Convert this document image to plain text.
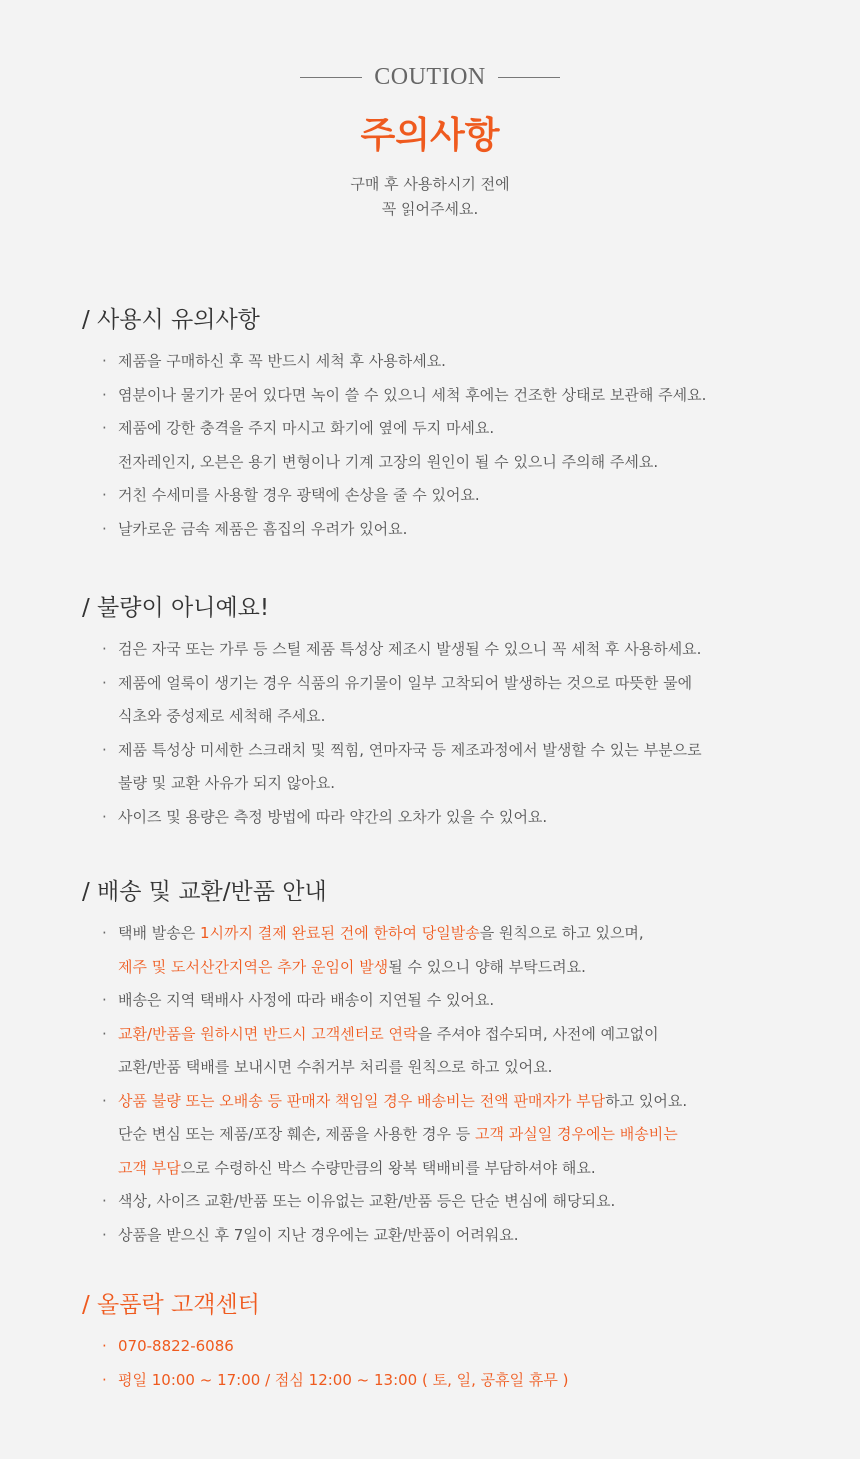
COUTION
주의사항
구매 후 사용하시기 전에
꼭 읽어주세요.
/ 사용시 유의사항
· 제품을 구매하신 후 꼭 반드시 세척 후 사용하세요.
· 염분이나 물기가 묻어 있다면 녹이 쓸 수 있으니 세척 후에는 건조한 상태로 보관해 주세요.
· 제품에 강한 충격을 주지 마시고 화기에 옆에 두지 마세요.
전자레인지, 오븐은 용기 변형이나 기계 고장의 원인이 될 수 있으니 주의해 주세요.
· 거친 수세미를 사용할 경우 광택에 손상을 줄 수 있어요.
· 날카로운 금속 제품은 흠집의 우려가 있어요.
/ 불량이 아니예요!
· 검은 자국 또는 가루 등 스틸 제품 특성상 제조시 발생될 수 있으니 꼭 세척 후 사용하세요.
· 제품에 얼룩이 생기는 경우 식품의 유기물이 일부 고착되어 발생하는 것으로 따뜻한 물에
식초와 중성제로 세척해 주세요.
· 제품 특성상 미세한 스크래치 및 찍힘, 연마자국 등 제조과정에서 발생할 수 있는 부분으로
불량 및 교환 사유가 되지 않아요.
· 사이즈 및 용량은 측정 방법에 따라 약간의 오차가 있을 수 있어요.
/ 배송 및 교환/반품 안내
· 택배 발송은 1시까지 결제 완료된 건에 한하여 당일발송을 원칙으로 하고 있으며,
제주 및 도서산간지역은 추가 운임이 발생될 수 있으니 양해 부탁드려요.
· 배송은 지역 택배사 사정에 따라 배송이 지연될 수 있어요.
· 교환/반품을 원하시면 반드시 고객센터로 연락을 주셔야 접수되며, 사전에 예고없이
교환/반품 택배를 보내시면 수취거부 처리를 원칙으로 하고 있어요.
· 상품 불량 또는 오배송 등 판매자 책임일 경우 배송비는 전액 판매자가 부담하고 있어요.
단순 변심 또는 제품/포장 훼손, 제품을 사용한 경우 등 고객 과실일 경우에는 배송비는
고객 부담으로 수령하신 박스 수량만큼의 왕복 택배비를 부담하셔야 해요.
· 색상, 사이즈 교환/반품 또는 이유없는 교환/반품 등은 단순 변심에 해당되요.
· 상품을 받으신 후 7일이 지난 경우에는 교환/반품이 어려워요.
/ 올품락 고객센터
· 070-8822-6086
· 평일 10:00 ~ 17:00 / 점심 12:00 ~ 13:00 ( 토, 일, 공휴일 휴무 )
